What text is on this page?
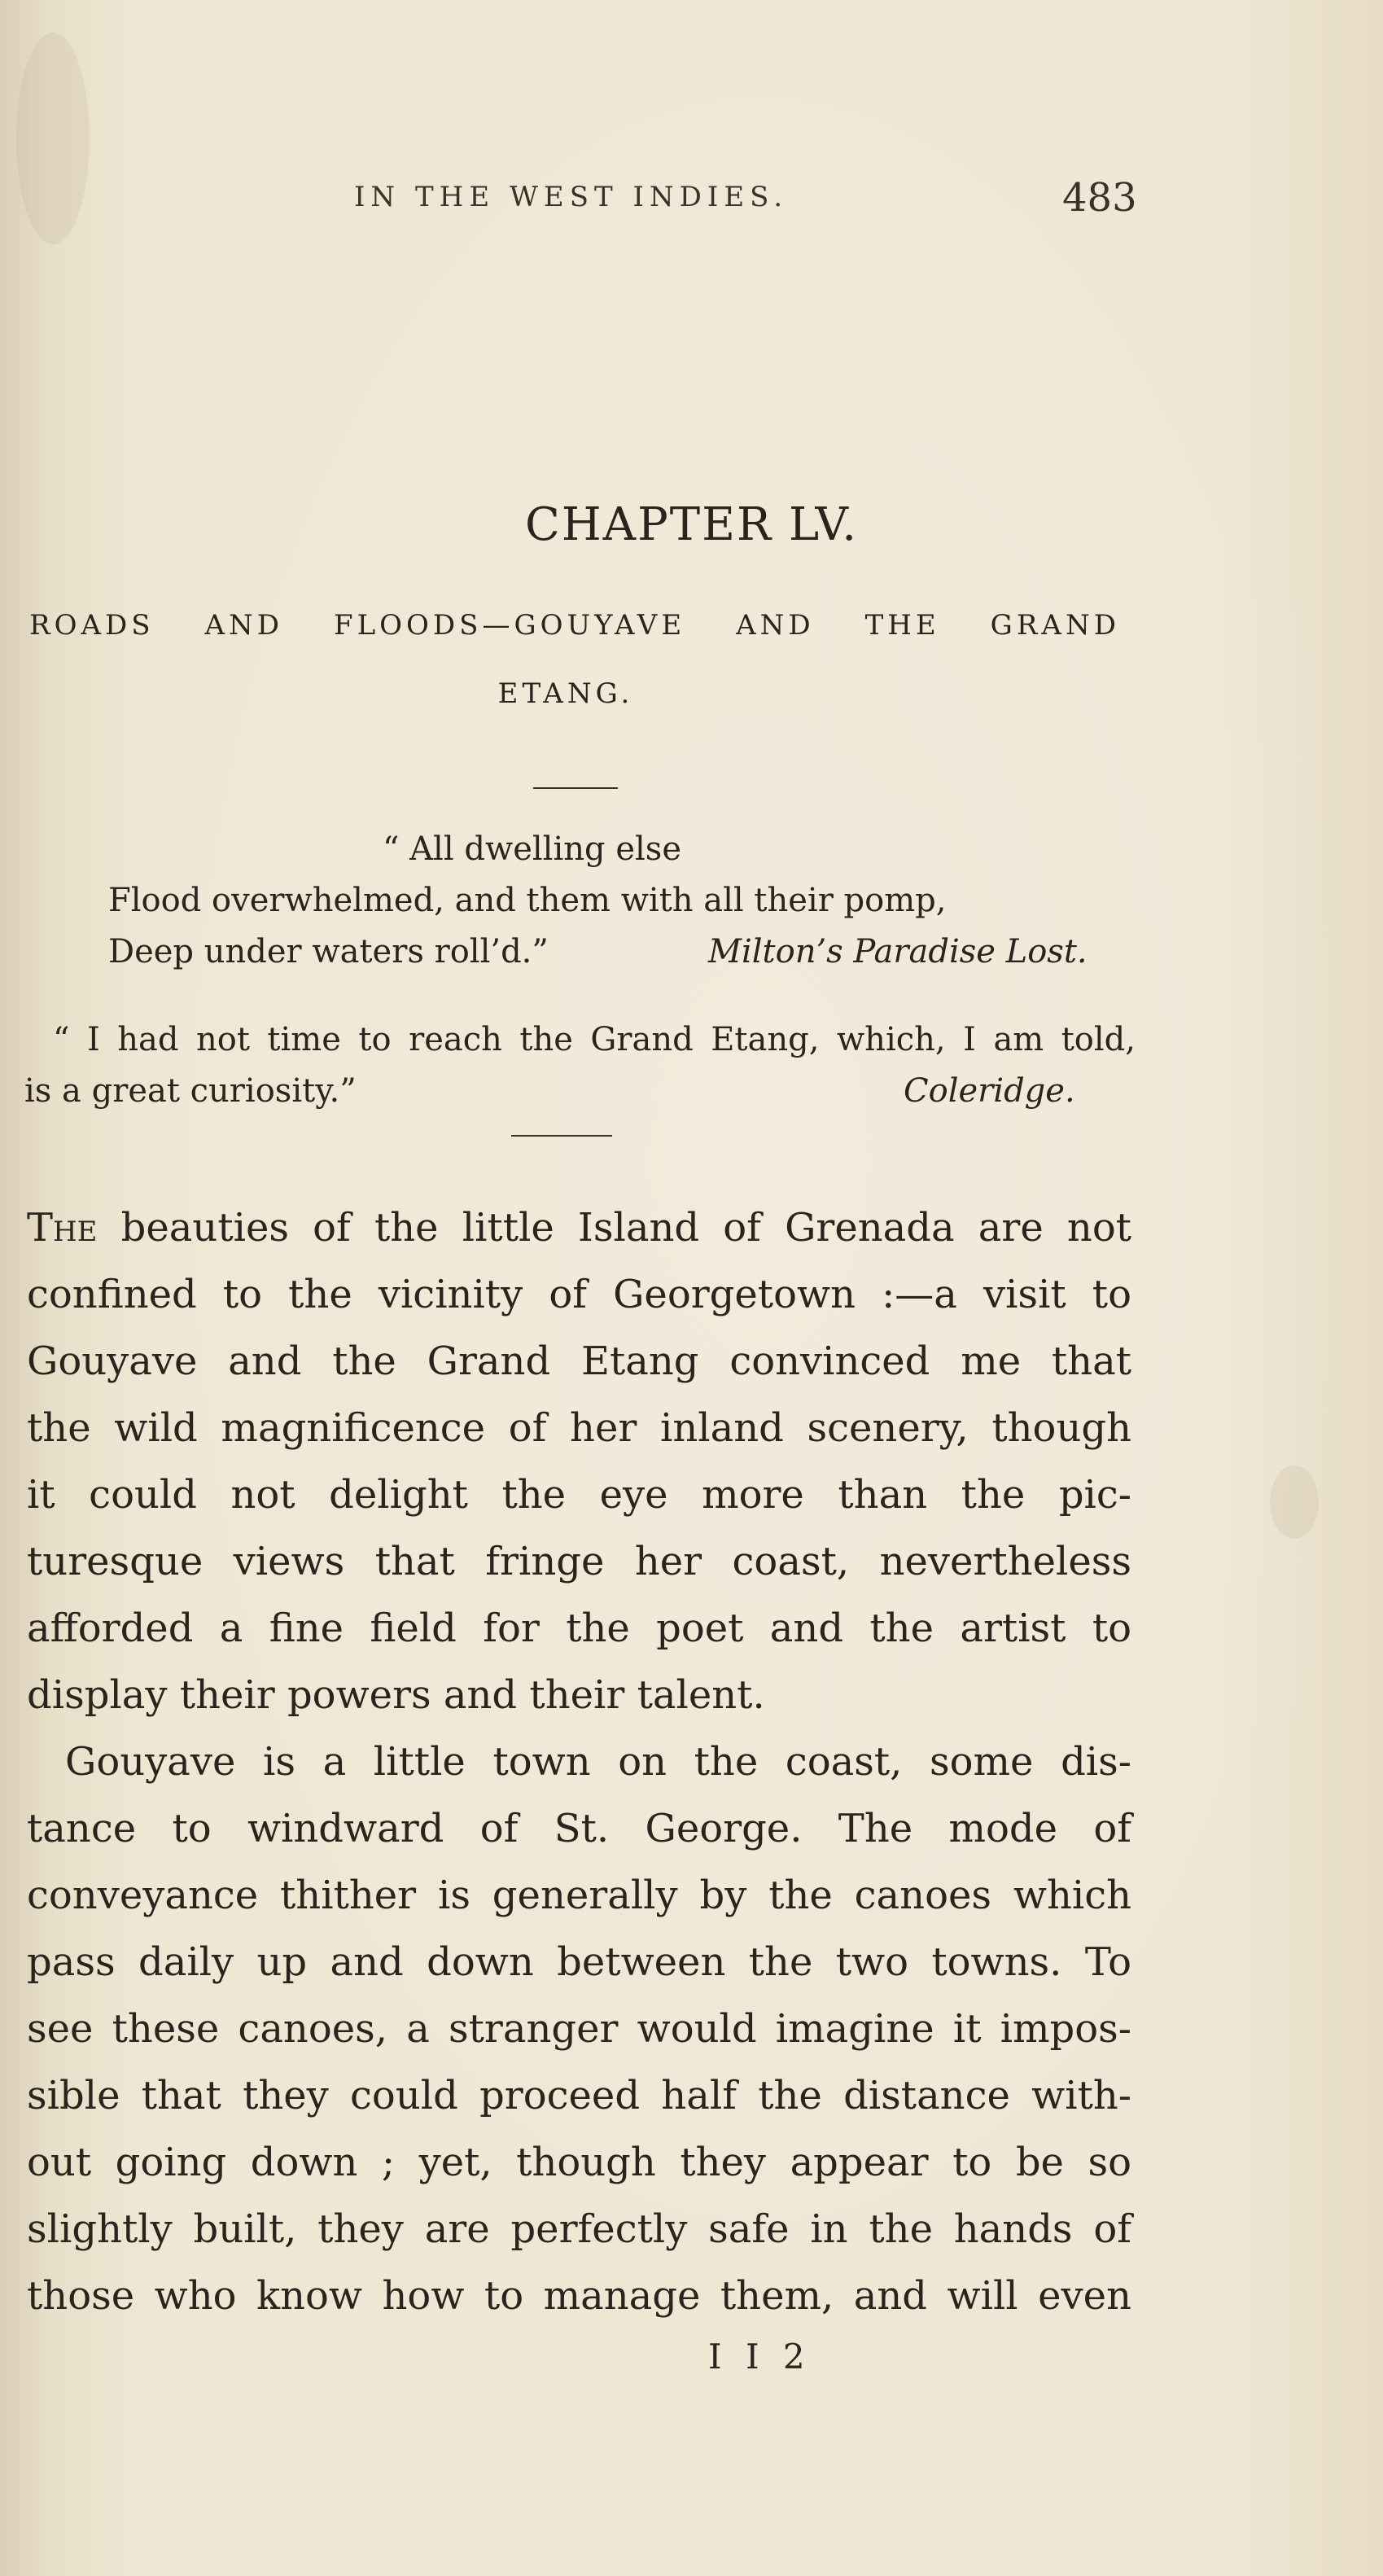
IN THE WEST INDIES.	483
CHAPTER LV.
ROADS AND FLOODS—GOUYAVE AND THE GRAND
ETANG.
“ All dwelling else
Flood overwhelmed, and them with all their pomp,
Deep under waters roll’d.”	Milton’s Paradise Lost.
“ I had not time to reach the Grand Etang, which, I am told,
is a great curiosity.”	Coleridge.
The beauties of the little Island of Grenada are not
confined to the vicinity of Georgetown :—a visit to
Gouyave and the Grand Etang convinced me that
the wild magnificence of her inland scenery, though
it could not delight the eye more than the pic-
turesque views that fringe her coast, nevertheless
afforded a fine field for the poet and the artist to
display their powers and their talent.
Gouyave is a little town on the coast, some dis-
tance to windward of St. George. The mode of
conveyance thither is generally by the canoes which
pass daily up and down between the two towns. To
see these canoes, a stranger would imagine it impos-
sible that they could proceed half the distance with-
out going down ; yet, though they appear to be so
slightly built, they are perfectly safe in the hands of
those who know how to manage them, and will even
I I 2
